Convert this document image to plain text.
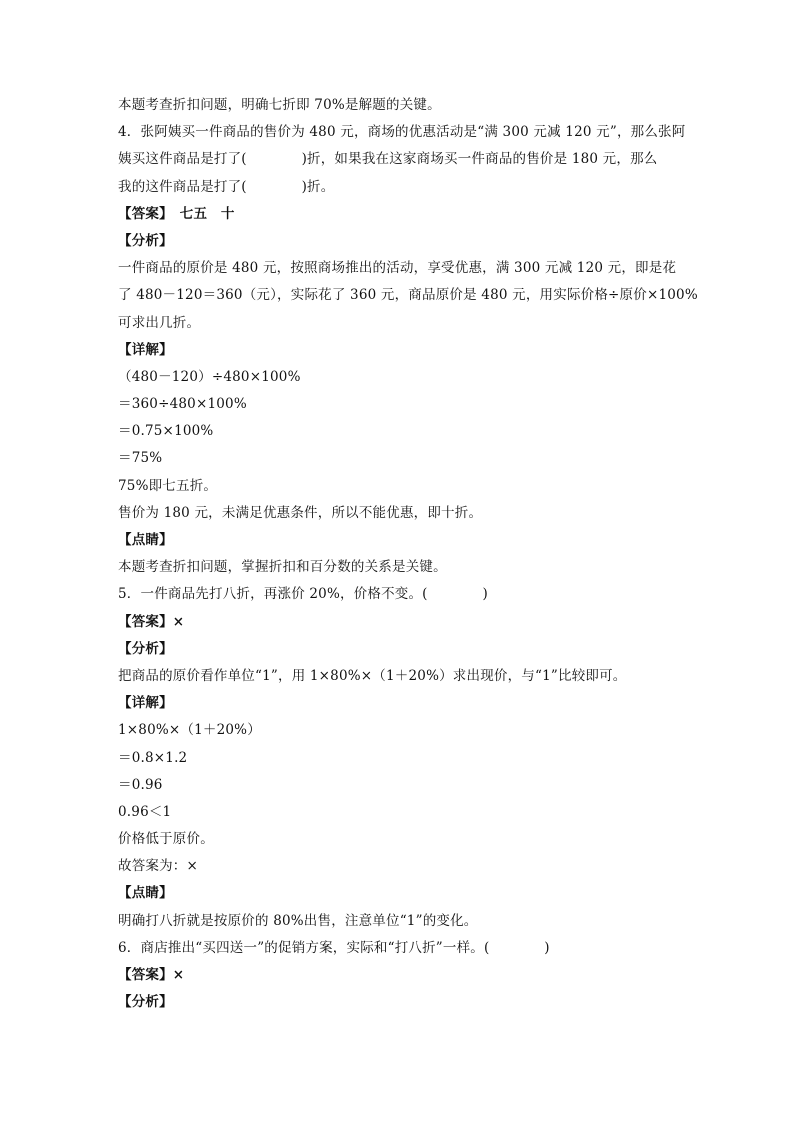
本题考查折扣问题，明确七折即 70%是解题的关键。
4．张阿姨买一件商品的售价为 480 元，商场的优惠活动是“满 300 元减 120 元”，那么张阿
姨买这件商品是打了(　　　　)折，如果我在这家商场买一件商品的售价是 180 元，那么
我的这件商品是打了(　　　　)折。
【答案】　七五　十
【分析】
一件商品的原价是 480 元，按照商场推出的活动，享受优惠，满 300 元减 120 元，即是花
了 480－120＝360（元），实际花了 360 元，商品原价是 480 元，用实际价格÷原价×100%
可求出几折。
【详解】
（480－120）÷480×100%
＝360÷480×100%
＝0.75×100%
＝75%
75%即七五折。
售价为 180 元，未满足优惠条件，所以不能优惠，即十折。
【点睛】
本题考查折扣问题，掌握折扣和百分数的关系是关键。
5．一件商品先打八折，再涨价 20%，价格不变。(　　　　)
【答案】×
【分析】
把商品的原价看作单位“1”，用 1×80%×（1＋20%）求出现价，与“1”比较即可。
【详解】
1×80%×（1＋20%）
＝0.8×1.2
＝0.96
0.96＜1
价格低于原价。
故答案为：×
【点睛】
明确打八折就是按原价的 80%出售，注意单位“1”的变化。
6．商店推出“买四送一”的促销方案，实际和“打八折”一样。(　　　　)
【答案】×
【分析】
